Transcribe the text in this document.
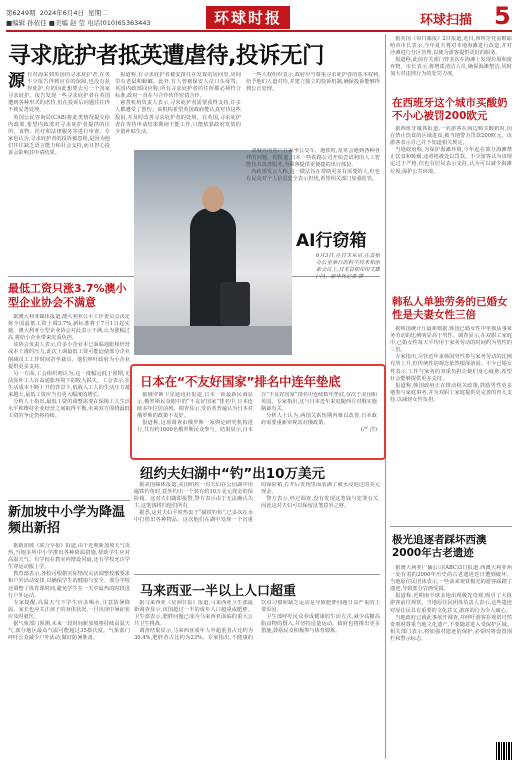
第6249期 2024年6月4日 星期二
■编辑 孙依佳 ■美编 赵 莹 电话(010)65363443	环球时报	环球扫描 5
寻求庇护者抵英遭虐待,投诉无门
源 自对海来到英国的寻求庇护者,在英不少报告得到应有的保障,也没有获得庇护,有的因此想要去另一个国家寻求庇护。报告发现一些寻求庇护者在英国遭到各种形式的虐待,但在投诉后问题往往得不到妥善处理。

英国公民咨询局(CAB)将此类情况提交给内政部,希望内政部对寻求庇护者提供的住所、食物、医疗和法律服务等进行审查。专家也认为,寻求庇护者的投诉被忽视,是因为他们往往缺乏语言能力和社会支持,而且担心投诉会影响其申请结果。

报道称,有寻求庇护者被安排住在发霉的房间里,房间里有老鼠和蟑螂。此外,有人曾被保安人员口头辱骂。英国内政部回应称,所有寻求庇护者的住所都必须符合标准,政府一直在与合作伙伴密切合作。

慈善机构负责人表示,寻求庇护者需要获得支持,许多人都遭受了创伤。该机构希望英国政府能认真对待这些投诉,并及时改善寻求庇护者的处境。在英国,寻求庇护者在等待申请结果期间不能工作,只能依靠政府发放的少量补贴生活。

一些人权组织表示,政府应当尊重寻求庇护者的基本权利,给予他们人道对待,并建立独立的投诉机制,确保投诉能够得到公正处理。

据英国《每日邮报》2日报道,近日,西班牙托雷维耶哈市市长表示,今年夏天将对本地海滩进行改造,并对沙滩进行分区管理,以便为游客提供更好的服务。

报道称,此前有关部门曾多次在海滩上发现垃圾和废弃物。市长表示,将增派清洁人员,确保海滩整洁,同时加大对违规行为的处罚力度。

在西班牙这个城市买酸奶不小心被罚200欧元

据西班牙媒体报道,一名游客在海边购买酸奶时,因在禁止饮食的区域进食,被当地警方罚款200欧元。该游客表示自己并不知道相关规定。

当地政府称,为保护海滩环境,今年起在部分海滩禁止饮食和吸烟,违者将被处以罚款。不少游客认为该规定过于严格,但也有居民表示支持,认为可以减少海滩垃圾,保护公共环境。

韩私人单独劳务的已婚女性是夫妻女性三倍

据韩国统计厅最新数据,韩国已婚女性中单独从事家务劳动的比例明显高于男性。调查显示,在双职工家庭中,已婚女性每天平均用于家务劳动的时间约为男性的三倍。

专家指出,尽管近年来韩国男性参与家务劳动的比例有所上升,但传统性别观念依然根深蒂固。不少已婚女性表示,工作与家务的双重负担让她们身心疲惫,希望社会能够提供更多支持。

报道称,韩国政府正在推动相关政策,鼓励男性更多地参与家庭事务,并为双职工家庭提供更完善的育儿支持,以减轻女性负担。

极光追逐者踩坏西澳2000年古老遗迹

据澳大利亚广播公司(ABC)3日报道,西澳大利亚州一处有着约2000年历史的古老遗迹近日遭到破坏。当地原住民团体表示,一些前来观赏极光的游客踩踏了遗迹,导致部分岩画受损。

报道称,近期南半球多地出现极光奇观,吸引了大批游客前往观赏。当地原住民团体负责人表示,这些遗迹对原住民具有重要的文化意义,游客的行为令人痛心。

当地政府已就此事展开调查,并呼吁游客在观赏自然奇观时尊重当地文化遗产,不要随意进入受保护区域。相关部门表示,将加强对遗迹的保护,必要时将设置围栏和警示标志。

最低工资只涨3.7%澳小型企业协会不满意

据澳大利亚媒体报道,澳大利亚公平工作委员会决定将全国最低工资上调3.7%,新标准将于7月1日起实施。澳大利亚小型企业协会对此表示不满,认为涨幅过高,将给小企业带来沉重负担。

该协会负责人表示,许多小企业本已面临通胀和经营成本上涨的压力,此次上调最低工资可能迫使部分企业削减员工工作时间甚至裁员。他们呼吁政府为小企业提供更多支持。

另一方面,工会组织则认为,这一涨幅远低于预期,无法弥补工人在高通胀环境下的收入损失。工会表示,在生活成本不断上升的背景下,低收入工人的生活压力越来越大,最低工资应当有更大幅度的增长。

分析人士指出,最低工资的调整需要在保障工人生活水平和维持企业经营之间取得平衡,未来双方围绕最低工资的争论仍将持续。

AI行窃箱
6月3日,在日本东京,在首相办公室举行的科学技术和创新会议上,日本首相岸田文雄(中)。新华社记者 摄

双城外的客户在乘坐公交车、地铁时,常常会遇到各种各样的问题。据报道,日本一些铁路公司开始尝试利用人工智能技术改善服务,为乘客提供更便捷的出行体验。

内政部发言人称,这一做法旨在帮助更多有需要的人,但也有民众对个人信息安全表示担忧,希望相关部门加强监管。

日本在“不友好国家”排名中连年垫底

据俄罗斯卫星通讯社报道,日本一项最新民调显示,俄罗斯民众眼中的“不友好国家”排名中,日本连续多年位居前列。调查显示,受访者普遍认为日本对俄罗斯的政策不友好。

报道称,这项调查由俄罗斯一家舆论研究机构进行,共有约1600名俄罗斯民众参与。结果显示,日本在“不友好国家”排名中连续数年垫底,仅次于美国和英国。专家指出,这与日本近年来追随西方对俄实施制裁有关。

分析人士认为,两国关系短期内难以改善,日本政府需要重新审视其对俄政策。

(严 洋)

纽约夫妇湖中“钓”出10万美元

据美国媒体报道,美国纽约一对夫妇在公园湖中用磁铁钓鱼时,意外钓出一个装有约10万美元现金的保险箱。这对夫妇随即报警,警方表示由于无法确认失主,这笔钱将归他们所有。

据悉,这对夫妇平时热衷于“磁铁钓鱼”,已多次在水中打捞出各种物品。这次他们在湖中发现一个沉重的保险箱,打开后发现里面装满了被水浸泡过的美元现金。

警方表示,经过调查,没有发现这笔钱与犯罪有关,因此这对夫妇可以保留这笔意外之财。

新加坡中小学为降温频出新招

据新加坡《联合早报》报道,由于近期新加坡天气炎热,当地多所中小学推出各种降温措施,帮助学生应对高温天气。有学校在教室内增设风扇,还有学校允许学生穿运动服上学。

教育部表示,各校可根据实际情况灵活调整校服要求和户外活动安排,以确保学生的健康与安全。部分学校还调整了体育课时间,避免学生在一天中最热的时段进行户外运动。

专家提醒,高温天气下学生应多喝水,注意防暑降温。家长也应关注孩子的身体状况,一旦出现中暑症状应及时就医。

据气象部门预测,未来一段时间新加坡将持续高温天气,部分地区最高气温可能超过35摄氏度。气象部门呼吁公众减少户外活动,做好防暑准备。

马来西亚一半以上人口超重

据马来西亚《星洲日报》报道,马来西亚卫生部最新调查显示,该国超过一半的成年人口超重或肥胖。卫生部表示,肥胖问题已成为马来西亚面临的重大公共卫生挑战。

调查结果显示,马来西亚成年人中超重者占比约为30.4%,肥胖者占比约为23%。专家指出,不健康的饮食习惯和缺乏运动是导致肥胖问题日益严重的主要原因。

卫生部呼吁民众养成健康的生活方式,减少高糖高脂食物的摄入,并坚持适量运动。政府也将推出更多措施,鼓励民众积极参与体育锻炼。
